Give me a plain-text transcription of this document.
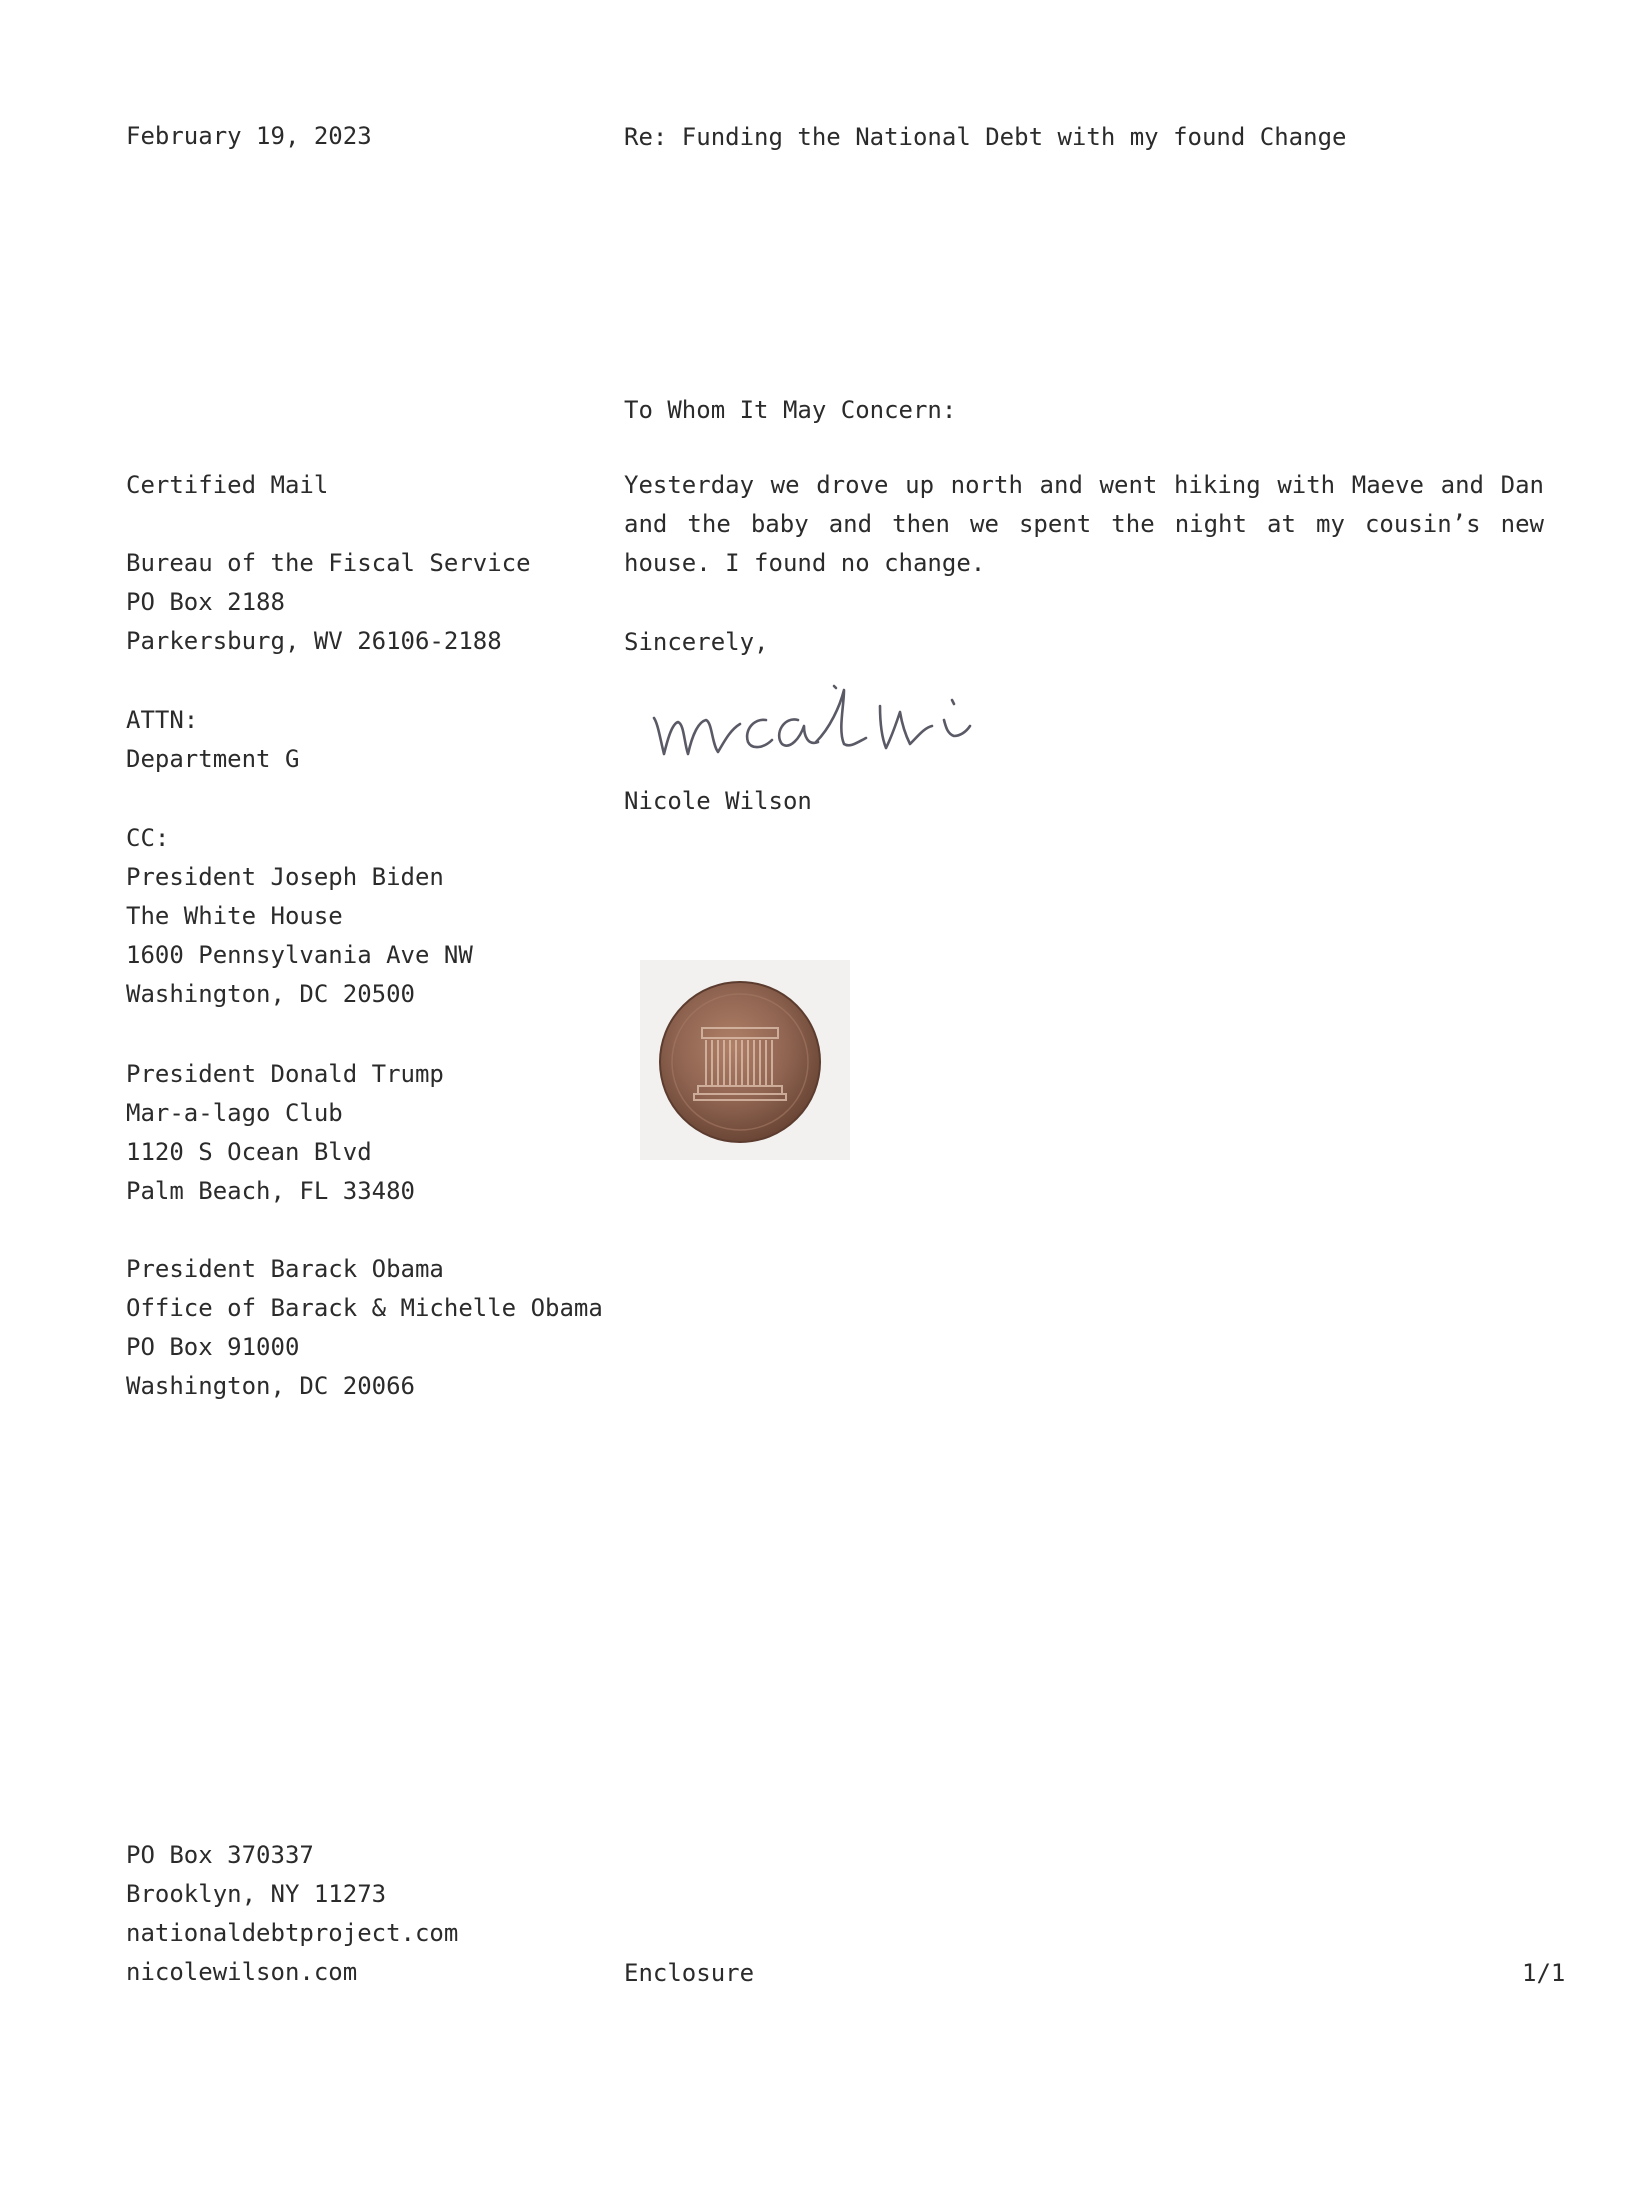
February 19, 2023
Certified Mail
Bureau of the Fiscal Service
PO Box 2188
Parkersburg, WV 26106-2188
ATTN:
Department G
CC:
President Joseph Biden
The White House
1600 Pennsylvania Ave NW
Washington, DC 20500
President Donald Trump
Mar-a-lago Club
1120 S Ocean Blvd
Palm Beach, FL 33480
President Barack Obama
Office of Barack & Michelle Obama
PO Box 91000
Washington, DC 20066
PO Box 370337
Brooklyn, NY 11273
nationaldebtproject.com
nicolewilson.com
Re: Funding the National Debt with my found Change
To Whom It May Concern:
Yesterday we drove up north and went hiking with Maeve and Dan and the baby and then we spent the night at my cousin’s new house. I found no change.
Sincerely,
Nicole Wilson
Enclosure	1/1
